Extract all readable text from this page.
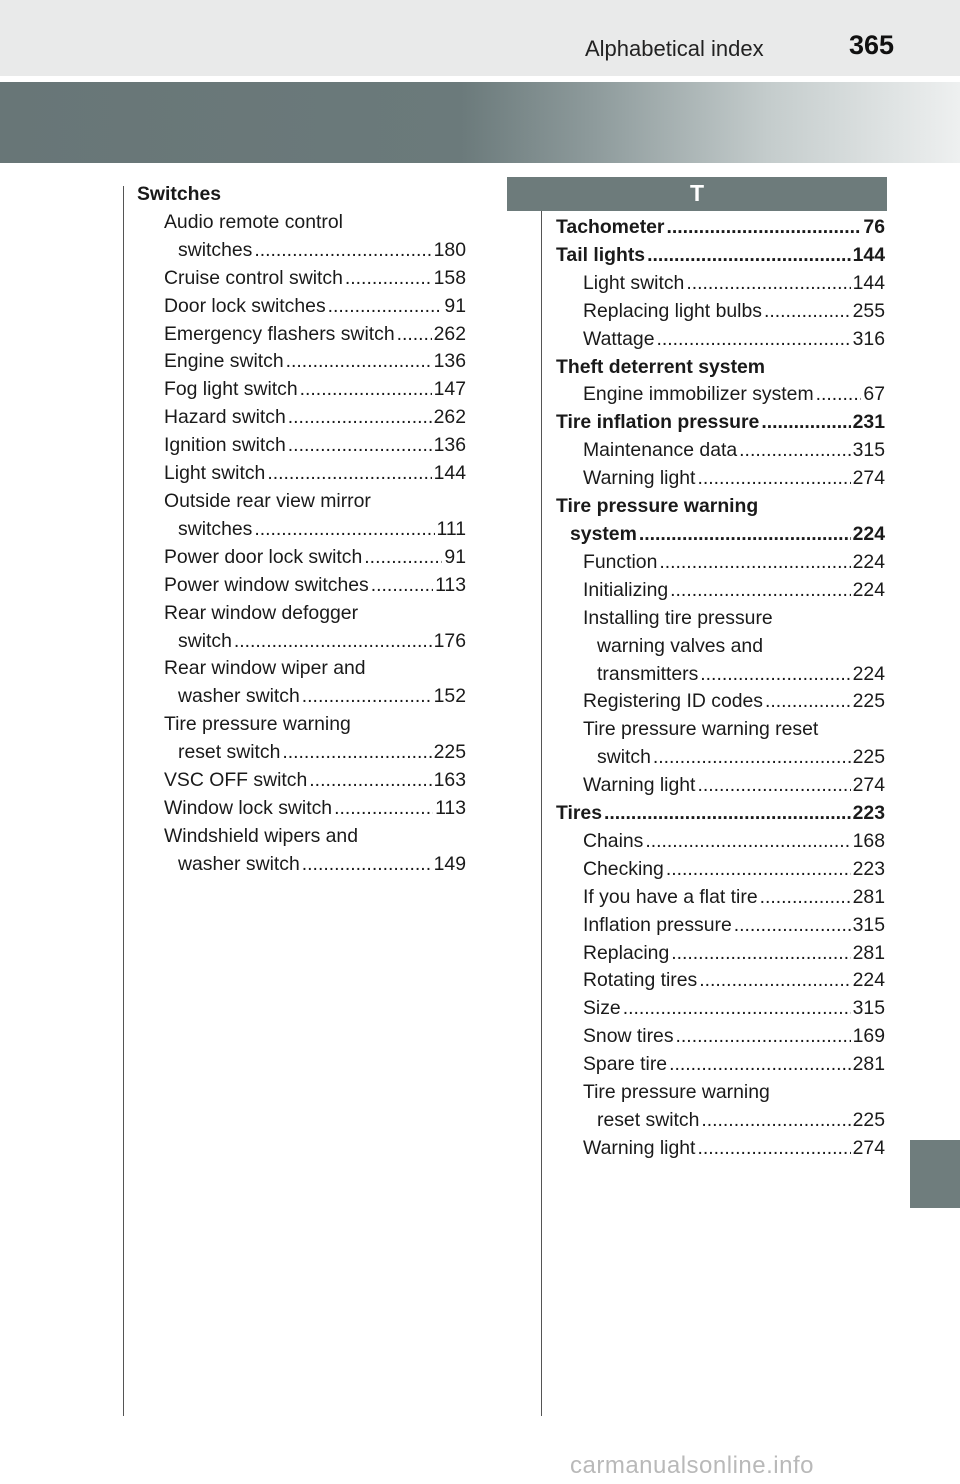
Alphabetical index	365
T
Switches
Audio remote control
switches .....	180
Cruise control switch .....	158
Door lock switches .....	91
Emergency flashers switch ..... 262
Engine switch .....	136
Fog light switch .....	147
Hazard switch .....	262
Ignition switch .....	136
Light switch .....	144
Outside rear view mirror
switches .....	111
Power door lock switch .....	91
Power window switches .....	113
Rear window defogger
switch .....	176
Rear window wiper and
washer switch .....	152
Tire pressure warning
reset switch .....	225
VSC OFF switch .....	163
Window lock switch .....	113
Windshield wipers and
washer switch .....	149
Tachometer .....	76
Tail lights .....	144
Light switch .....	144
Replacing light bulbs .....	255
Wattage .....	316
Theft deterrent system
Engine immobilizer system .....	67
Tire inflation pressure .....	231
Maintenance data .....	315
Warning light .....	274
Tire pressure warning
system .....	224
Function .....	224
Initializing .....	224
Installing tire pressure
warning valves and
transmitters .....	224
Registering ID codes .....	225
Tire pressure warning reset
switch .....	225
Warning light .....	274
Tires .....	223
Chains .....	168
Checking .....	223
If you have a flat tire .....	281
Inflation pressure .....	315
Replacing .....	281
Rotating tires .....	224
Size .....	315
Snow tires .....	169
Spare tire .....	281
Tire pressure warning
reset switch .....	225
Warning light .....	274
carmanualsonline.info
